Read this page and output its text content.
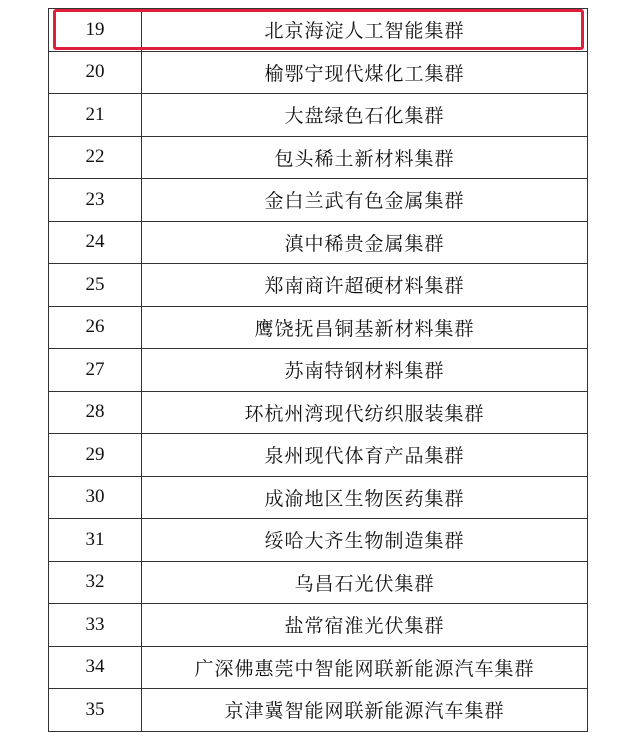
19	北京海淀人工智能集群
20	榆鄂宁现代煤化工集群
21	大盘绿色石化集群
22	包头稀土新材料集群
23	金白兰武有色金属集群
24	滇中稀贵金属集群
25	郑南商许超硬材料集群
26	鹰饶抚昌铜基新材料集群
27	苏南特钢材料集群
28	环杭州湾现代纺织服装集群
29	泉州现代体育产品集群
30	成渝地区生物医药集群
31	绥哈大齐生物制造集群
32	乌昌石光伏集群
33	盐常宿淮光伏集群
34	广深佛惠莞中智能网联新能源汽车集群
35	京津冀智能网联新能源汽车集群
